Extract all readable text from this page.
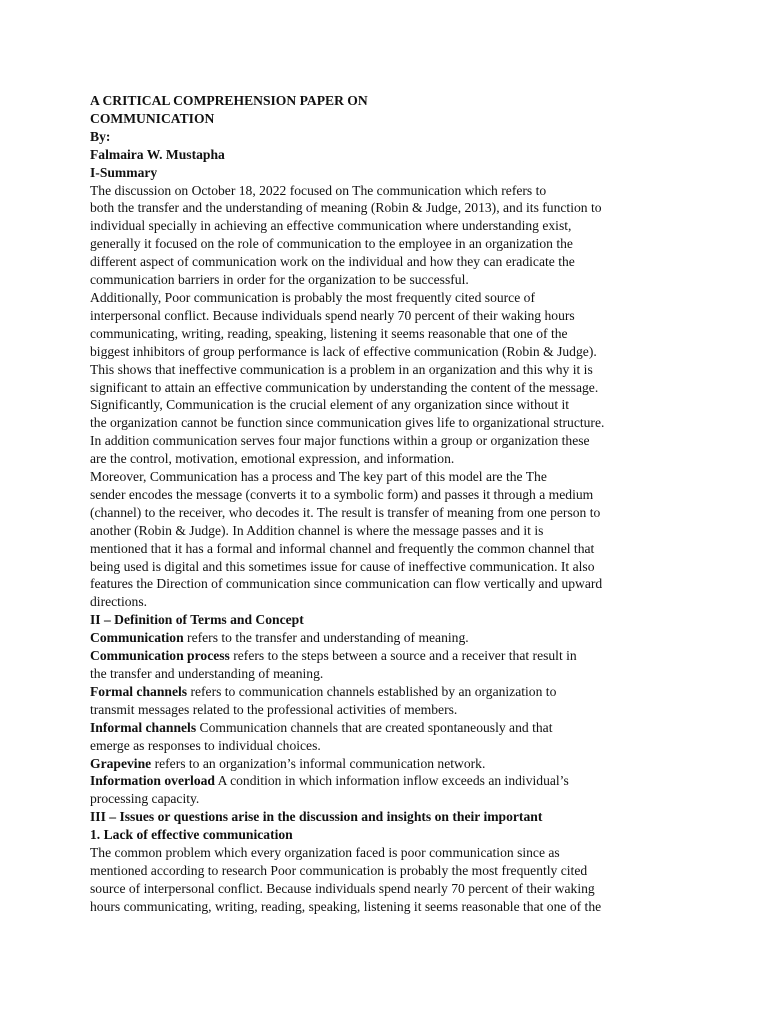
A CRITICAL COMPREHENSION PAPER ON
COMMUNICATION
By:
Falmaira W. Mustapha
I-Summary
The discussion on October 18, 2022 focused on The communication which refers to
both the transfer and the understanding of meaning (Robin & Judge, 2013), and its function to
individual specially in achieving an effective communication where understanding exist,
generally it focused on the role of communication to the employee in an organization the
different aspect of communication work on the individual and how they can eradicate the
communication barriers in order for the organization to be successful.
Additionally, Poor communication is probably the most frequently cited source of
interpersonal conflict. Because individuals spend nearly 70 percent of their waking hours
communicating, writing, reading, speaking, listening it seems reasonable that one of the
biggest inhibitors of group performance is lack of effective communication (Robin & Judge).
This shows that ineffective communication is a problem in an organization and this why it is
significant to attain an effective communication by understanding the content of the message.
Significantly, Communication is the crucial element of any organization since without it
the organization cannot be function since communication gives life to organizational structure.
In addition communication serves four major functions within a group or organization these
are the control, motivation, emotional expression, and information.
Moreover, Communication has a process and The key part of this model are the The
sender encodes the message (converts it to a symbolic form) and passes it through a medium
(channel) to the receiver, who decodes it. The result is transfer of meaning from one person to
another (Robin & Judge). In Addition channel is where the message passes and it is
mentioned that it has a formal and informal channel and frequently the common channel that
being used is digital and this sometimes issue for cause of ineffective communication. It also
features the Direction of communication since communication can flow vertically and upward
directions.
II – Definition of Terms and Concept
Communication refers to the transfer and understanding of meaning.
Communication process refers to the steps between a source and a receiver that result in
the transfer and understanding of meaning.
Formal channels refers to communication channels established by an organization to
transmit messages related to the professional activities of members.
Informal channels Communication channels that are created spontaneously and that
emerge as responses to individual choices.
Grapevine refers to an organization’s informal communication network.
Information overload A condition in which information inflow exceeds an individual’s
processing capacity.
III – Issues or questions arise in the discussion and insights on their important
1. Lack of effective communication
The common problem which every organization faced is poor communication since as
mentioned according to research Poor communication is probably the most frequently cited
source of interpersonal conflict. Because individuals spend nearly 70 percent of their waking
hours communicating, writing, reading, speaking, listening it seems reasonable that one of the
